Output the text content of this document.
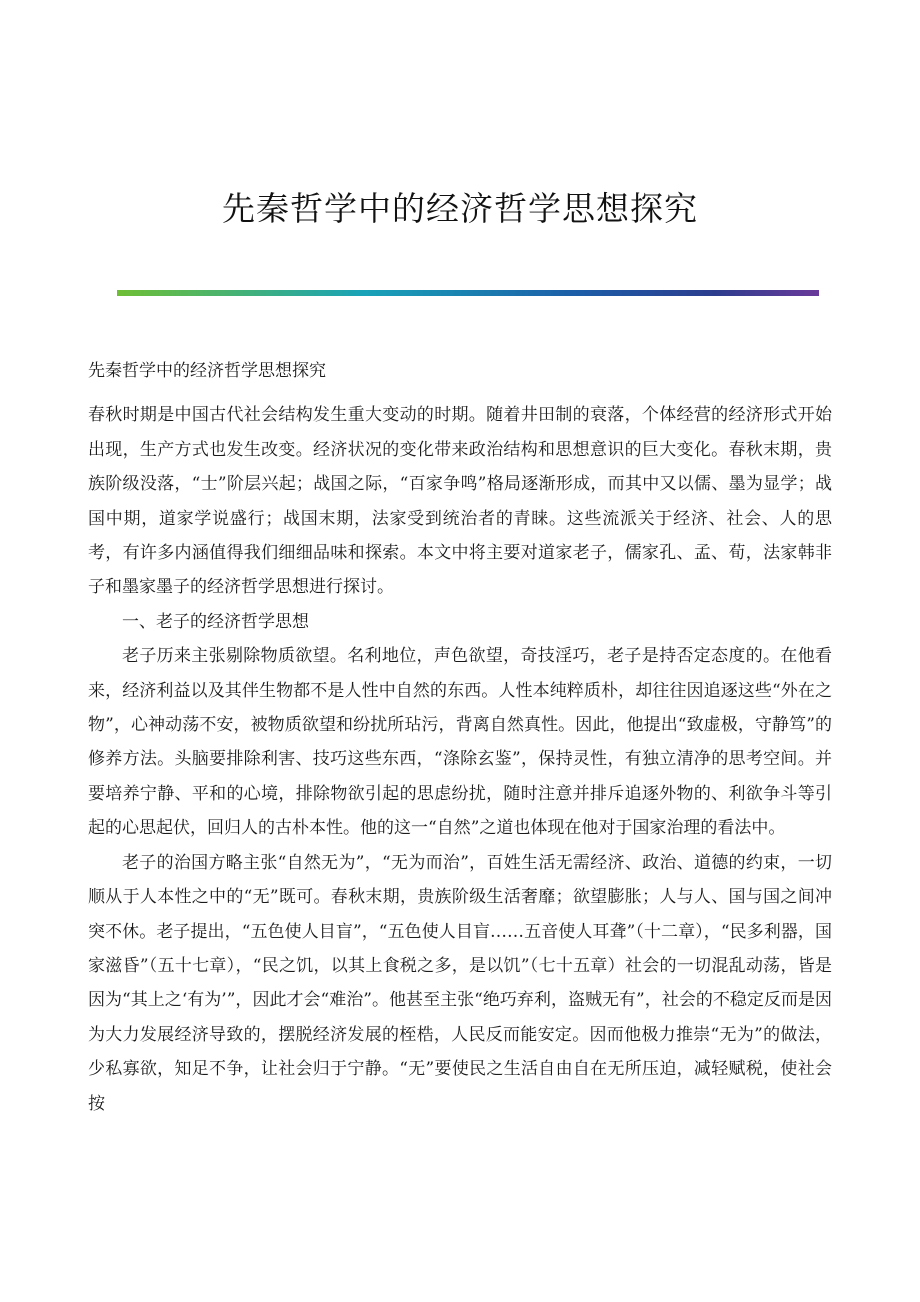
先秦哲学中的经济哲学思想探究

先秦哲学中的经济哲学思想探究

春秋时期是中国古代社会结构发生重大变动的时期。随着井田制的衰落，个体经营的经济形式开始出现，生产方式也发生改变。经济状况的变化带来政治结构和思想意识的巨大变化。春秋末期，贵族阶级没落，“士”阶层兴起；战国之际，“百家争鸣”格局逐渐形成，而其中又以儒、墨为显学；战国中期，道家学说盛行；战国末期，法家受到统治者的青睐。这些流派关于经济、社会、人的思考，有许多内涵值得我们细细品味和探索。本文中将主要对道家老子，儒家孔、孟、荀，法家韩非子和墨家墨子的经济哲学思想进行探讨。

一、老子的经济哲学思想

老子历来主张剔除物质欲望。名利地位，声色欲望，奇技淫巧，老子是持否定态度的。在他看来，经济利益以及其伴生物都不是人性中自然的东西。人性本纯粹质朴，却往往因追逐这些“外在之物”，心神动荡不安，被物质欲望和纷扰所玷污，背离自然真性。因此，他提出“致虚极，守静笃”的修养方法。头脑要排除利害、技巧这些东西，“涤除玄鉴”，保持灵性，有独立清净的思考空间。并要培养宁静、平和的心境，排除物欲引起的思虑纷扰，随时注意并排斥追逐外物的、利欲争斗等引起的心思起伏，回归人的古朴本性。他的这一“自然”之道也体现在他对于国家治理的看法中。

老子的治国方略主张“自然无为”，“无为而治”，百姓生活无需经济、政治、道德的约束，一切顺从于人本性之中的“无”既可。春秋末期，贵族阶级生活奢靡；欲望膨胀；人与人、国与国之间冲突不休。老子提出，“五色使人目盲”，“五色使人目盲……五音使人耳聋”（十二章），“民多利器，国家滋昏”（五十七章），“民之饥，以其上食税之多，是以饥”（七十五章）社会的一切混乱动荡，皆是因为“其上之‘有为’”，因此才会“难治”。他甚至主张“绝巧弃利，盗贼无有”，社会的不稳定反而是因为大力发展经济导致的，摆脱经济发展的桎梏，人民反而能安定。因而他极力推崇“无为”的做法，少私寡欲，知足不争，让社会归于宁静。“无”要使民之生活自由自在无所压迫，减轻赋税，使社会按
